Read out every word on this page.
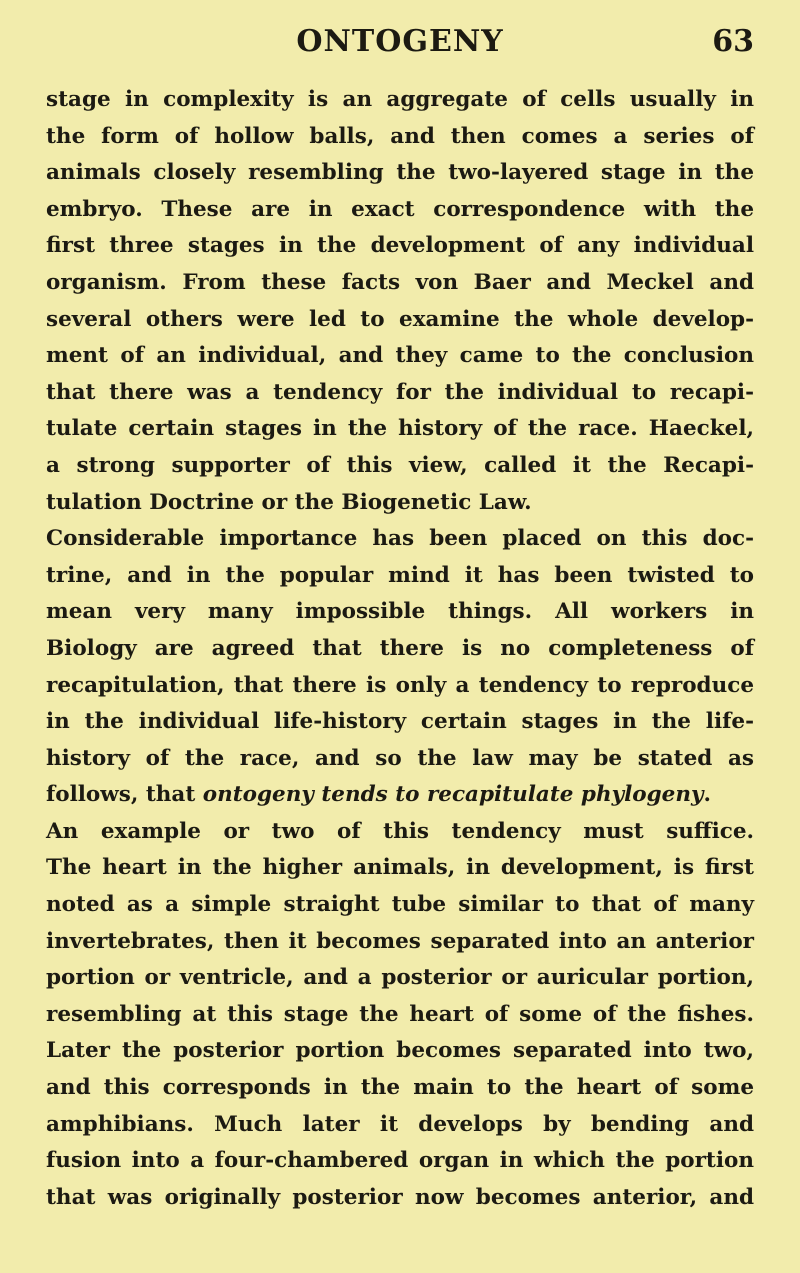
ONTOGENY	63
stage in complexity is an aggregate of cells usually in
the form of hollow balls, and then comes a series of
animals closely resembling the two-layered stage in the
embryo. These are in exact correspondence with the
first three stages in the development of any individual
organism. From these facts von Baer and Meckel and
several others were led to examine the whole develop-
ment of an individual, and they came to the conclusion
that there was a tendency for the individual to recapi-
tulate certain stages in the history of the race. Haeckel,
a strong supporter of this view, called it the Recapi-
tulation Doctrine or the Biogenetic Law.
Considerable importance has been placed on this doc-
trine, and in the popular mind it has been twisted to
mean very many impossible things. All workers in
Biology are agreed that there is no completeness of
recapitulation, that there is only a tendency to reproduce
in the individual life-history certain stages in the life-
history of the race, and so the law may be stated as
follows, that ontogeny tends to recapitulate phylogeny.
An example or two of this tendency must suffice.
The heart in the higher animals, in development, is first
noted as a simple straight tube similar to that of many
invertebrates, then it becomes separated into an anterior
portion or ventricle, and a posterior or auricular portion,
resembling at this stage the heart of some of the fishes.
Later the posterior portion becomes separated into two,
and this corresponds in the main to the heart of some
amphibians. Much later it develops by bending and
fusion into a four-chambered organ in which the portion
that was originally posterior now becomes anterior, and
